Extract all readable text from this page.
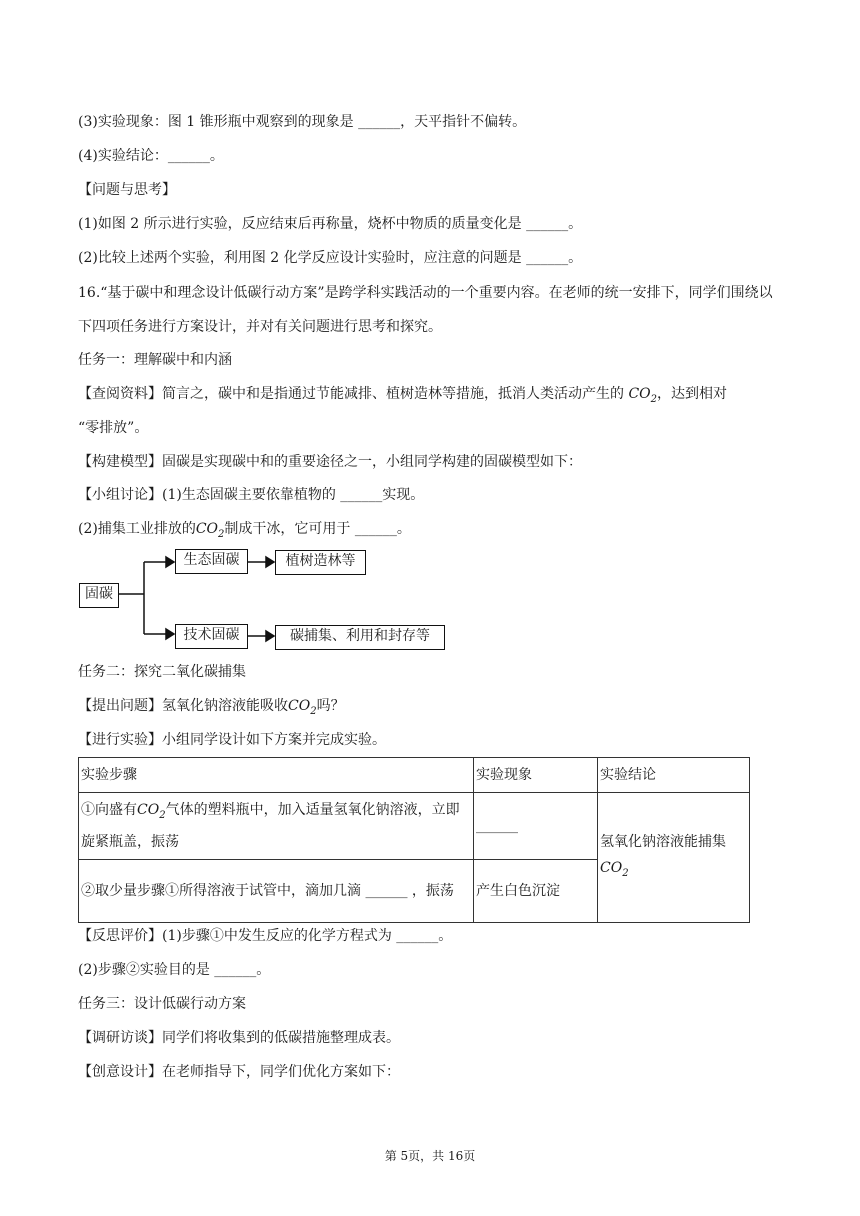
(3)实验现象：图 1 锥形瓶中观察到的现象是 ______，天平指针不偏转。
(4)实验结论：______。
【问题与思考】
(1)如图 2 所示进行实验，反应结束后再称量，烧杯中物质的质量变化是 ______。
(2)比较上述两个实验，利用图 2 化学反应设计实验时，应注意的问题是 ______。
16.“基于碳中和理念设计低碳行动方案”是跨学科实践活动的一个重要内容。在老师的统一安排下，同学们围绕以下四项任务进行方案设计，并对有关问题进行思考和探究。
任务一：理解碳中和内涵
【查阅资料】简言之，碳中和是指通过节能减排、植树造林等措施，抵消人类活动产生的 $CO_2$，达到相对
“零排放”。
【构建模型】固碳是实现碳中和的重要途径之一，小组同学构建的固碳模型如下：
【小组讨论】(1)生态固碳主要依靠植物的 ______实现。
(2)捕集工业排放的$CO_2$制成干冰，它可用于 ______。
固碳
生态固碳	植树造林等
技术固碳	碳捕集、利用和封存等
任务二：探究二氧化碳捕集
【提出问题】氢氧化钠溶液能吸收$CO_2$吗？
【进行实验】小组同学设计如下方案并完成实验。
实验步骤	实验现象	实验结论
①向盛有$CO_2$气体的塑料瓶中，加入适量氢氧化钠溶液，立即旋紧瓶盖，振荡	______	氢氧化钠溶液能捕集
$CO_2$
②取少量步骤①所得溶液于试管中，滴加几滴 ______ ，振荡	产生白色沉淀	
【反思评价】(1)步骤①中发生反应的化学方程式为 ______。
(2)步骤②实验目的是 ______。
任务三：设计低碳行动方案
【调研访谈】同学们将收集到的低碳措施整理成表。
【创意设计】在老师指导下，同学们优化方案如下：
第 5页，共 16页
